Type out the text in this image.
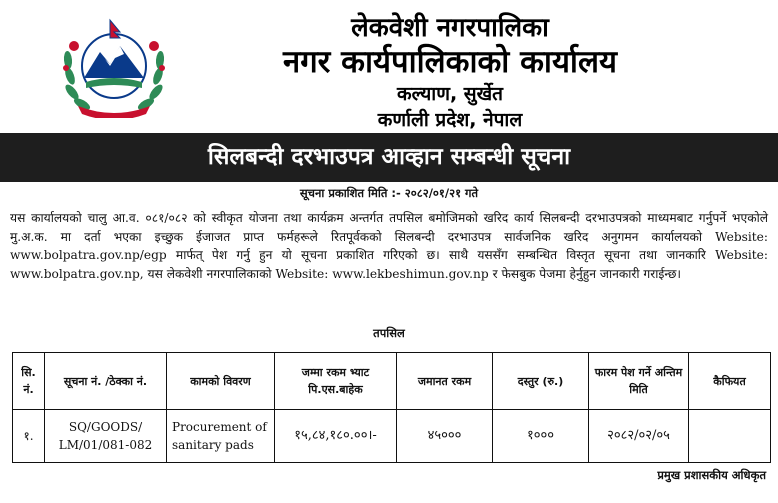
लेकवेशी नगरपालिका
नगर कार्यपालिकाको कार्यालय
कल्याण, सुर्खेत
कर्णाली प्रदेश, नेपाल
सिलबन्दी दरभाउपत्र आव्हान सम्बन्धी सूचना
सूचना प्रकाशित मिति :- २०८२/०१/२१ गते

यस कार्यालयको चालु आ.व. ०८१/०८२ को स्वीकृत योजना तथा कार्यक्रम अन्तर्गत तपसिल बमोजिमको खरिद कार्य सिलबन्दी दरभाउपत्रको माध्यमबाट गर्नुपर्ने भएकोले मु.अ.क. मा दर्ता भएका इच्छुक ईजाजत प्राप्त फर्महरूले रितपूर्वकको सिलबन्दी दरभाउपत्र सार्वजनिक खरिद अनुगमन कार्यालयको Website: www.bolpatra.gov.np/egp मार्फत् पेश गर्नु हुन यो सूचना प्रकाशित गरिएको छ। साथै यससँग सम्बन्धित विस्तृत सूचना तथा जानकारि Website: www.bolpatra.gov.np, यस लेकवेशी नगरपालिकाको Website: www.lekbeshimun.gov.np र फेसबुक पेजमा हेर्नुहुन जानकारी गराईन्छ।

तपसिल
सि. नं.	सूचना नं. /ठेक्का नं.	कामको विवरण	जम्मा रकम भ्याट पि.एस.बाहेक	जमानत रकम	दस्तुर (रु.)	फारम पेश गर्ने अन्तिम मिति	कैफियत
१.	SQ/GOODS/ LM/01/081-082	Procurement of sanitary pads	१५,८४,१८०.००।-	४५०००	१०००	२०८२/०२/०५	
प्रमुख प्रशासकीय अधिकृत
